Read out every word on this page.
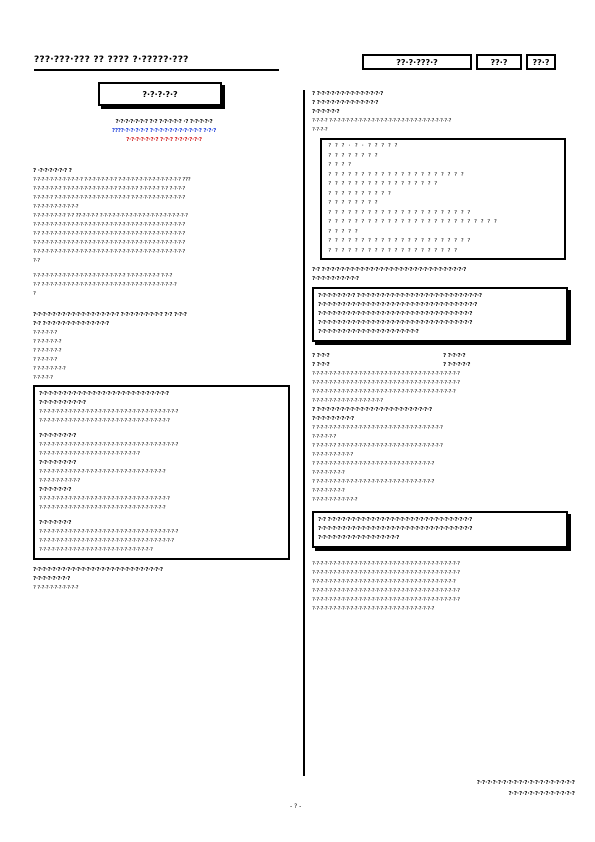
???·???·??? ?? ???? ?·?????·???	??·?·???·?	??·?	??·?
?·?·?·?·?
?·?·?·?·?·?·? ?·? ?·?·?·?·? ·? ?·?·?·?·?
????·?·?·?·?·? ?·?·?·?·?·?·?·?·?·?·? ?·?·?
?·?·?·?·?·?·? ?·?·? ?·?·?·?·?·?
? ·?·?·?·?·?·? ?
?·?·?·?·?·?·?·?·?·?·?·? ?·?·?·?·?·?·?·? ?·?·?·?·?·?·?·?·?·?·?·?·?·?·? ???
?·?·?·?·?·?·? ?·?·?·?·?·?·?·?·?·?·?·?·? ?·?·?·?·? ?·?·?·?·? ?·? ?·?·?·?
?·?·?·?·? ?·?·?·?·?·?·?·?·?·?·?·?·?·?·?·?·?·? ?·?·?·?·?·?·?·?·?·?·?·?·?
?·?·?·?·?·?·?·?·?·?·?
?·?·?·?·?·?·?·? ?·? ??·?·?·?·? ?·?·?·?·?·?·?·?·?·?·?·?·?·?·?·?·?·?·?·?·?
?·?·?·?·?·?·?·?·?·?·?·?·?·?·?·?·?·?·?·?·?·?·?·?·?·?·?·?·?·?·?·?·?·?·?·?
?·? ?·?·?·?·?·?·?·?·?·?·?·?·?·?·?·?·?·?·?·?·?·?·?·?·?·?·?·?·?·?·?·?·?·?
?·?·?·?·?·?·?·?·?·?·?·?·?·?·?·?·?·?·?·?·?·?·?·?·?·?·?·?·?·?·?·?·?·?·?·?
?·?·?·?·?·?·?·?·?·?·?·?·?·?·?·?·?·?·?·?·?·?·?·?·?·?·?·?·?·?·?·?·?·?·?·?
?·?
?·?·?·?·?·?·?·?·?·?·?·?·?·?·?·?·?·?·?·?·?·? ?·?·?·?·?·?·?·? ?·?·?
?·? ?·?·?·?·?·?·?·?·?·?·?·?·?·?·?·?·?·?·?·?·?·?·?·?·?·?·?·?·?·?·?·?
?
?·?·?·?·?·?·?·?·?·?·?·?·?·?·?·?·?·? ?·?·?·?·?·?·?·?·? ?·? ?·?·?
?·? ?·?·?·?·?·?·?·?·?·?·?·?·?·?
?·?·?·?·?·?
? ?·?·?·?·?·?
? ?·?·?·?·?·?
? ?·?·?·?·?
? ?·?·?·?·?·?·?
?·?·?·?·?
?·?·?·?·?·?·?·?·?·?·?·?·?·?·?·?·?·?·?·?·?·?·?·?·?·?·?
?·?·?·?·?·?·?·?·?·?
?·?·?·?·?·?·?·?·?·?·?·?·?·?·?·?·?·?·?·?·?·?·?·?·?·?·?·?·?·?·?·?·?
?·?·?·?·?·?·?·?·?·?·?·?·?·?·?·?·?·?·?·?·?·?·?·?·?·?·?·?·?·?·?
?·?·?·?·?·?·?·?
?·?·?·?·?·?·?·?·?·?·?·?·?·?·?·?·?·?·?·?·?·?·?·?·?·?·?·?·?·?·?·?·?
?·?·?·?·?·?·?·?·?·?·?·?·?·?·?·?·?·?·?·?·?·?·?·?
?·?·?·?·?·?·?·?
?·?·?·?·?·?·?·?·?·?·?·?·?·?·?·?·?·?·?·?·?·?·?·?·?·?·?·?·?·?
?·?·?·?·?·?·?·?·?·?
?·?·?·?·?·?·?
?·?·?·?·?·?·?·?·?·?·?·?·?·?·?·?·?·?·?·?·?·?·?·?·?·?·?·?·?·?·?
?·?·?·?·?·?·?·?·?·?·?·?·?·?·?·?·?·?·?·?·?·?·?·?·?·?·?·?·?·?
?·?·?·?·?·?·?
?·?·?·?·?·?·?·?·?·?·?·?·?·?·?·?·?·?·?·?·?·?·?·?·?·?·?·?·?·?·?·?·?
?·?·?·?·?·?·?·?·?·?·?·?·?·?·?·?·?·?·?·?·?·?·?·?·?·?·?·?·?·?·?·?
?·?·?·?·?·?·?·?·?·?·?·?·?·?·?·?·?·?·?·?·?·?·?·?·?·?·?
?·?·?·?·?·?·?·?·?·?·?·?·?·?·?·?·?·?·?·?·?·?·?·?·?·?·?
?·?·?·?·?·?·?·?
? ?·?·?·?·?·?·?·?·?·?
? ?·?·?·?·?·?·?·?·?·?·?·?·?·?
? ?·?·?·?·?·?·?·?·?·?·?·?·?
?·?·?·?·?·?
?·?·?·? ?·?·?·?·?·?·?·?·?·?·?·?·?·?·?·?·?·?·?·?·?·?·?·?·?·?·?·?·?
?·?·?·?
? ? ? · ? · ? ? ? ? ?
? ? ? ? ? ? ? ?
? ? ? ?
? ? ? ? ? ? ? ? ? ? ? ? ? ? ? ? ? ? ? ? ?
? ? ? ? ? ? ? ? ? ? ? ? ? ? ? ? ?
? ? ? ? ? ? ? ? ? ?
? ? ? ? ? ? ? ?
? ? ? ? ? ? ? ? ? ? ? ? ? ? ? ? ? ? ? ? ? ?
? ? ? ? ? ? ? ? ? ? ? ? ? ? ? ? ? ? ? ? ? ? ? ? ? ?
? ? ? ? ?
? ? ? ? ? ? ? ? ? ? ? ? ? ? ? ? ? ? ? ? ? ?
? ? ? ? ? ? ? ? ? ? ? ? ? ? ? ? ? ? ? ?
?·? ?·?·?·?·?·?·?·?·?·?·?·?·?·?·?·?·?·?·?·?·?·?·?·?·?·?·?·?·?·?
?·?·?·?·?·?·?·?·?·?
?·?·?·?·?·?·?·? ?·?·?·?·?·?·?·?·?·?·?·?·?·?·?·?·?·?·?·?·?·?·?·?·?·?
?·?·?·?·?·?·?·?·?·?·?·?·?·?·?·?·?·?·?·?·?·?·?·?·?·?·?·?·?·?·?·?·?
?·?·?·?·?·?·?·?·?·?·?·?·?·?·?·?·?·?·?·?·?·?·?·?·?·?·?·?·?·?·?·?
?·?·?·?·?·?·?·?·?·?·?·?·?·?·?·?·?·?·?·?·?·?·?·?·?·?·?·?·?·?·?·?
?·?·?·?·?·?·?·?·?·?·?·?·?·?·?·?·?·?·?·?·?
? ?·?·?	? ?·?·?·?
? ?·?·?	? ?·?·?·?·?
?·?·?·?·?·?·?·?·?·?·?·?·?·?·?·?·?·?·?·?·?·?·?·?·?·?·?·?·?·?·?·?·?·?·?
?·?·?·?·?·?·?·?·?·?·?·?·?·?·?·?·?·?·?·?·?·?·?·?·?·?·?·?·?·?·?·?·?·?·?
?·?·?·?·?·?·?·?·?·?·?·?·?·?·?·?·?·?·?·?·?·?·?·?·?·?·?·?·?·?·?·?·?·?
?·?·?·?·?·?·?·?·?·?·?·?·?·?·?·?·?
? ?·?·?·?·?·?·?·?·?·?·?·?·?·?·?·?·?·?·?·?·?·?·?·?
?·?·?·?·?·?·?·?·?
? ?·?·?·?·?·?·?·?·?·?·?·?·?·?·?·?·?·?·?·?·?·?·?·?·?·?·?·?·?·?
?·?·?·?·?·?
? ?·?·?·?·? ?·?·?·?·?·?·?·?·?·?·?·?·?·?·?·?·?·?·?·?·?·?·?·?·?
?·?·?·?·?·?·?·?·?·?
? ?·?·?·?·?·?·?·?·?·?·?·?·?·?·?·?·?·?·?·?·?·?·?·?·?·?·?·?
?·?·?·?·?·?·?·?
? ?·?·?·?·?·?·?·?·?·?·?·?·?·?·?·?·?·?·?·?·?·?·?·?·?·?·?·?
?·?·?·?·?·?·?·?
?·?·?·?·?·?·?·?·?·?·?
?·? ?·?·?·?·?·?·?·?·?·?·?·?·?·?·?·?·?·?·?·?·?·?·?·?·?·?·?·?·?·?
?·?·?·?·?·?·?·?·?·?·?·?·?·?·?·?·?·?·?·?·?·?·?·?·?·?·?·?·?·?·?·?
?·?·?·?·?·?·?·?·?·?·?·?·?·?·?·?·?
?·?·?·?·?·?·?·?·?·?·?·?·?·?·?·?·?·?·?·?·?·?·?·?·?·?·?·?·?·?·?·?·?·?·?
?·?·?·?·?·?·?·?·?·?·?·?·?·?·?·?·?·?·?·?·?·?·?·?·?·?·?·?·?·?·?·?·?·?·?
?·?·?·?·?·?·?·?·?·?·?·?·?·?·?·?·?·?·?·?·?·?·?·?·?·?·?·?·?·?·?·?·?·?
?·?·?·?·?·?·?·?·?·?·?·?·?·?·?·?·?·?·?·?·?·?·?·?·?·?·?·?·?·?·?·?·?·?·?
?·?·?·?·?·?·?·?·?·?·?·?·?·?·?·?·?·?·?·?·?·?·?·?·?·?·?·?·?·?·?·?·?·?·?
?·?·?·?·?·?·?·?·?·?·?·?·?·?·?·?·?·?·?·?·?·?·?·?·?·?·?·?·?
?·?·?·?·?·?·?·?·?·?·?·?·?·?·?·?·?·?·?
?·?·?·?·?·?·?·?·?·?·?·?·?
- ? -
